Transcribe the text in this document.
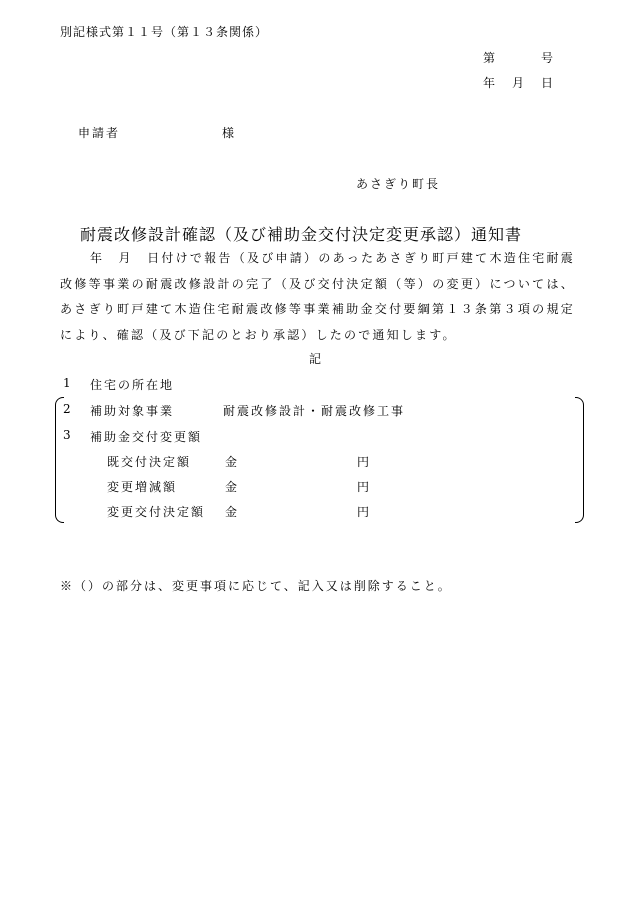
別記様式第１１号（第１３条関係）
第	号
年 月 日
申請者	様
あさぎり町長
耐震改修設計確認（及び補助金交付決定変更承認）通知書
年　月　日付けで報告（及び申請）のあったあさぎり町戸建て木造住宅耐震改修等事業の耐震改修設計の完了（及び交付決定額（等）の変更）については、あさぎり町戸建て木造住宅耐震改修等事業補助金交付要綱第１３条第３項の規定により、確認（及び下記のとおり承認）したので通知します。
記
1 住宅の所在地
2 補助対象事業	耐震改修設計・耐震改修工事
3 補助金交付変更額
既交付決定額	金	円
変更増減額	金	円
変更交付決定額 金	円
※（）の部分は、変更事項に応じて、記入又は削除すること。
